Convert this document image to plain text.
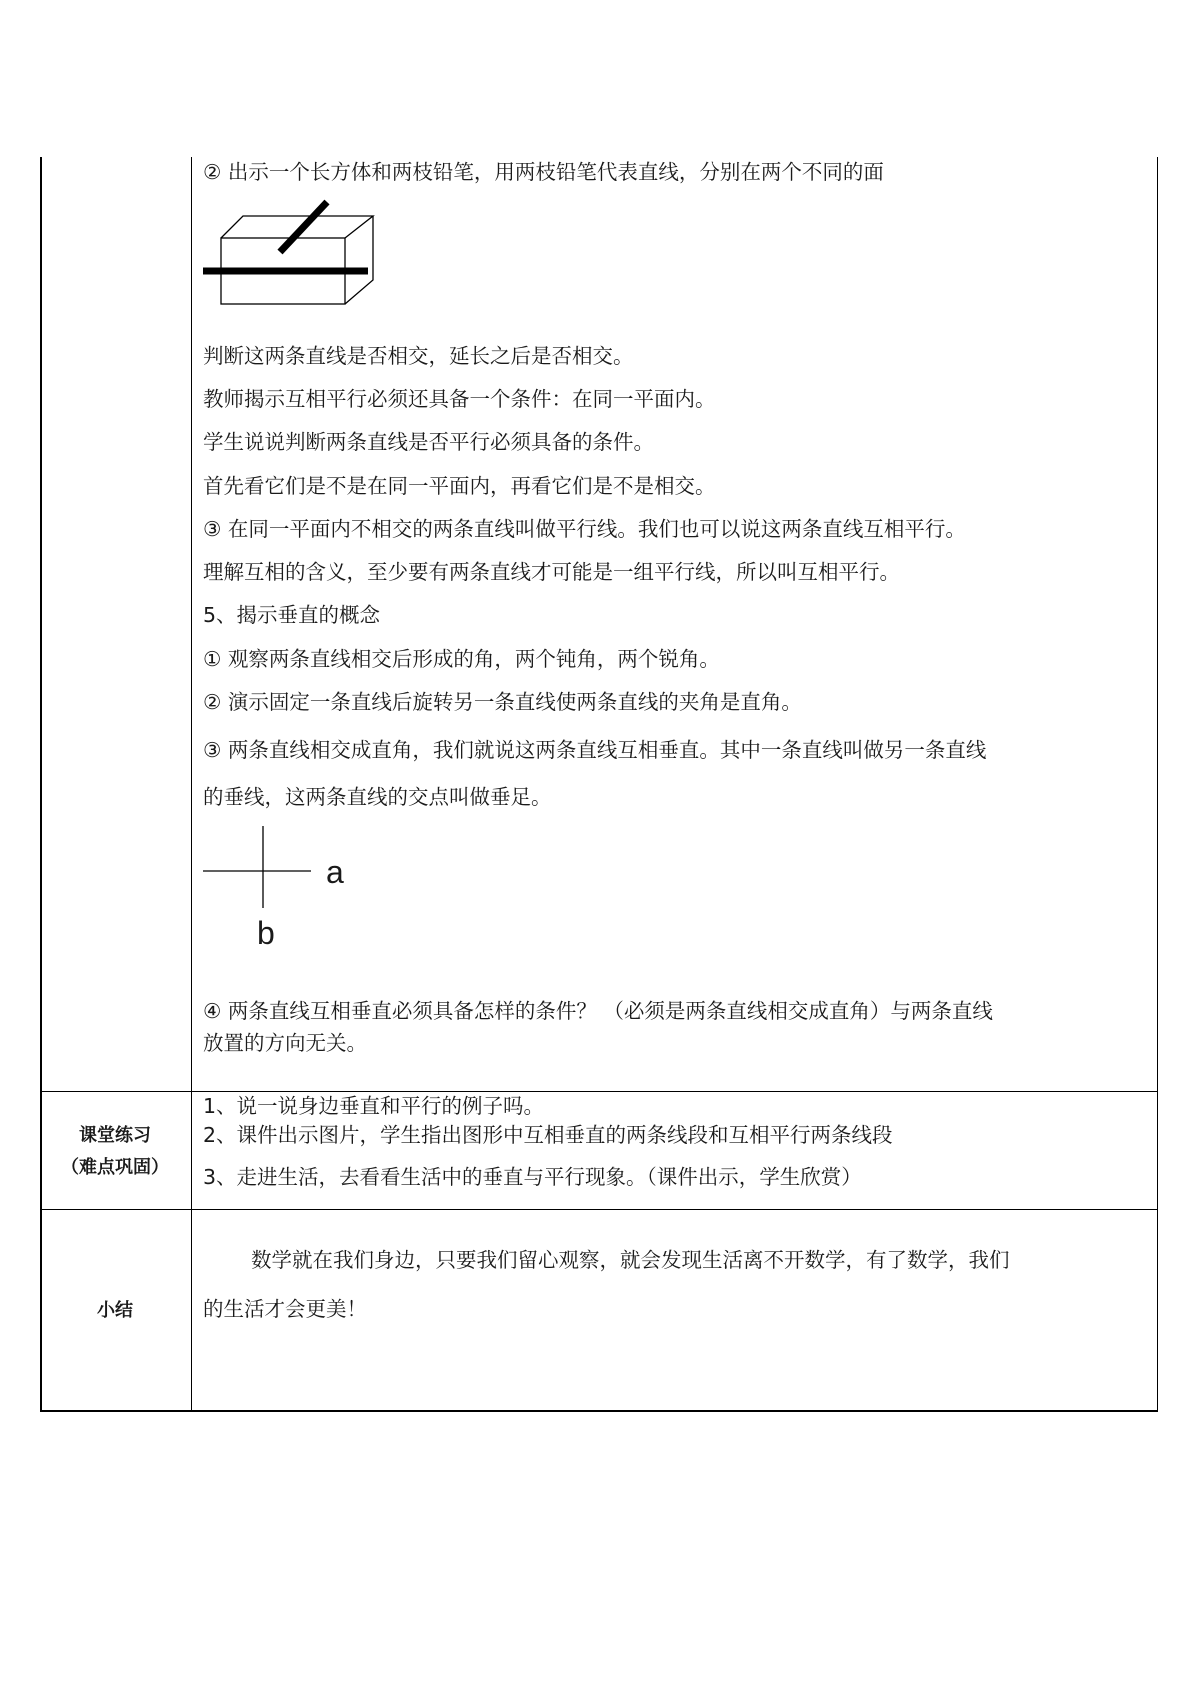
② 出示一个长方体和两枝铅笔，用两枝铅笔代表直线，分别在两个不同的面
判断这两条直线是否相交，延长之后是否相交。
教师揭示互相平行必须还具备一个条件：在同一平面内。
学生说说判断两条直线是否平行必须具备的条件。
首先看它们是不是在同一平面内，再看它们是不是相交。
③ 在同一平面内不相交的两条直线叫做平行线。我们也可以说这两条直线互相平行。
理解互相的含义，至少要有两条直线才可能是一组平行线，所以叫互相平行。
5、揭示垂直的概念
① 观察两条直线相交后形成的角，两个钝角，两个锐角。
② 演示固定一条直线后旋转另一条直线使两条直线的夹角是直角。
③ 两条直线相交成直角，我们就说这两条直线互相垂直。其中一条直线叫做另一条直线
的垂线，这两条直线的交点叫做垂足。
a
b
④ 两条直线互相垂直必须具备怎样的条件？ （必须是两条直线相交成直角）与两条直线
放置的方向无关。
课堂练习
（难点巩固）
1、说一说身边垂直和平行的例子吗。
2、课件出示图片，学生指出图形中互相垂直的两条线段和互相平行两条线段
3、走进生活，去看看生活中的垂直与平行现象。（课件出示，学生欣赏）
小结
数学就在我们身边，只要我们留心观察，就会发现生活离不开数学，有了数学，我们
的生活才会更美！
